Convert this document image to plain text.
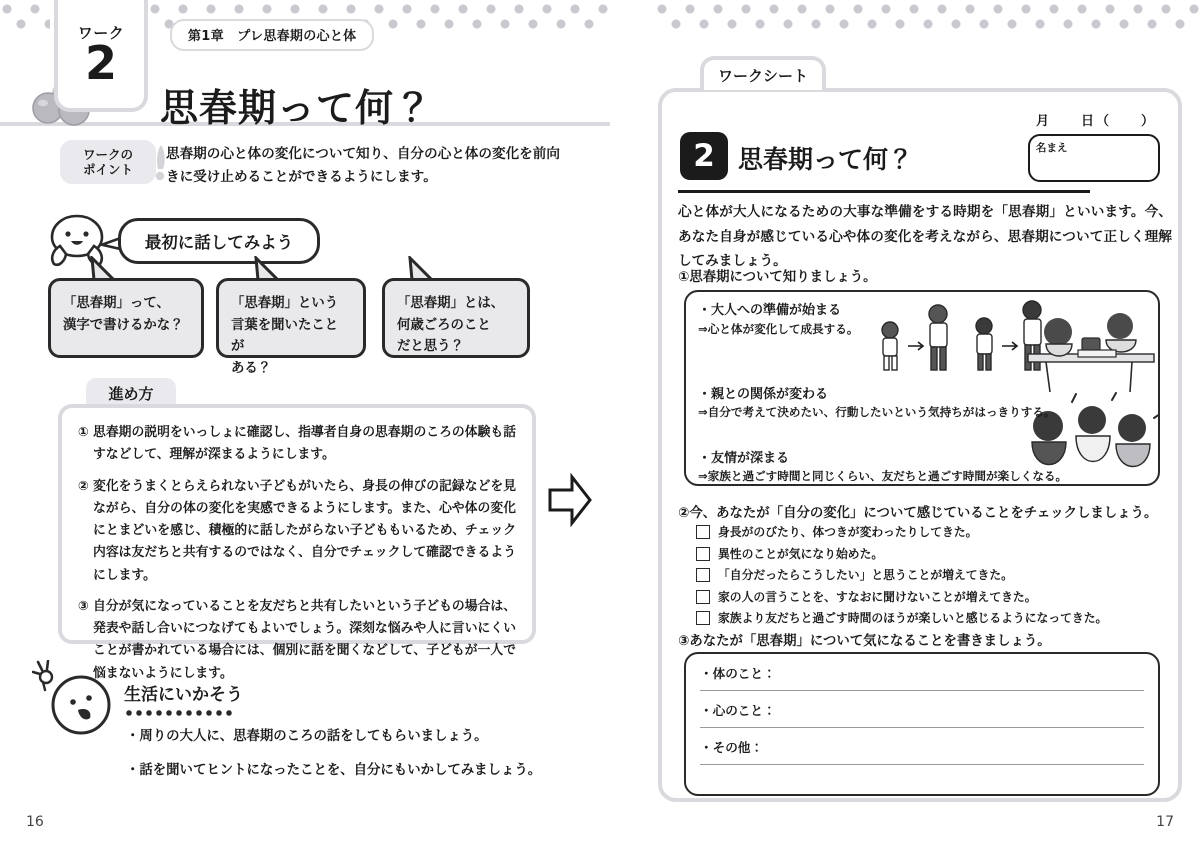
ワーク
2	第1章　プレ思春期の心と体
思春期って何？
ワークの
ポイント
思春期の心と体の変化について知り、自分の心と体の変化を前向きに受け止めることができるようにします。
最初に話してみよう
「思春期」って、
漢字で書けるかな？
「思春期」という
言葉を聞いたことが
ある？
「思春期」とは、
何歳ごろのこと
だと思う？
進め方
① 思春期の説明をいっしょに確認し、指導者自身の思春期のころの体験も話すなどして、理解が深まるようにします。
② 変化をうまくとらえられない子どもがいたら、身長の伸びの記録などを見ながら、自分の体の変化を実感できるようにします。また、心や体の変化にとまどいを感じ、積極的に話したがらない子どももいるため、チェック内容は友だちと共有するのではなく、自分でチェックして確認できるようにします。
③ 自分が気になっていることを友だちと共有したいという子どもの場合は、発表や話し合いにつなげてもよいでしょう。深刻な悩みや人に言いにくいことが書かれている場合には、個別に話を聞くなどして、子どもが一人で悩まないようにします。
生活にいかそう
・周りの大人に、思春期のころの話をしてもらいましょう。
・話を聞いてヒントになったことを、自分にもいかしてみましょう。
16
ワークシート
月　　日（　　）
名まえ
2 思春期って何？
心と体が大人になるための大事な準備をする時期を「思春期」といいます。今、あなた自身が感じている心や体の変化を考えながら、思春期について正しく理解してみましょう。
①思春期について知りましょう。
・大人への準備が始まる
⇒心と体が変化して成長する。
・親との関係が変わる
⇒自分で考えて決めたい、行動したいという気持ちがはっきりする。
・友情が深まる
⇒家族と過ごす時間と同じくらい、友だちと過ごす時間が楽しくなる。
②今、あなたが「自分の変化」について感じていることをチェックしましょう。
身長がのびたり、体つきが変わったりしてきた。
異性のことが気になり始めた。
「自分だったらこうしたい」と思うことが増えてきた。
家の人の言うことを、すなおに聞けないことが増えてきた。
家族より友だちと過ごす時間のほうが楽しいと感じるようになってきた。
③あなたが「思春期」について気になることを書きましょう。
・体のこと：
・心のこと：
・その他：
17
